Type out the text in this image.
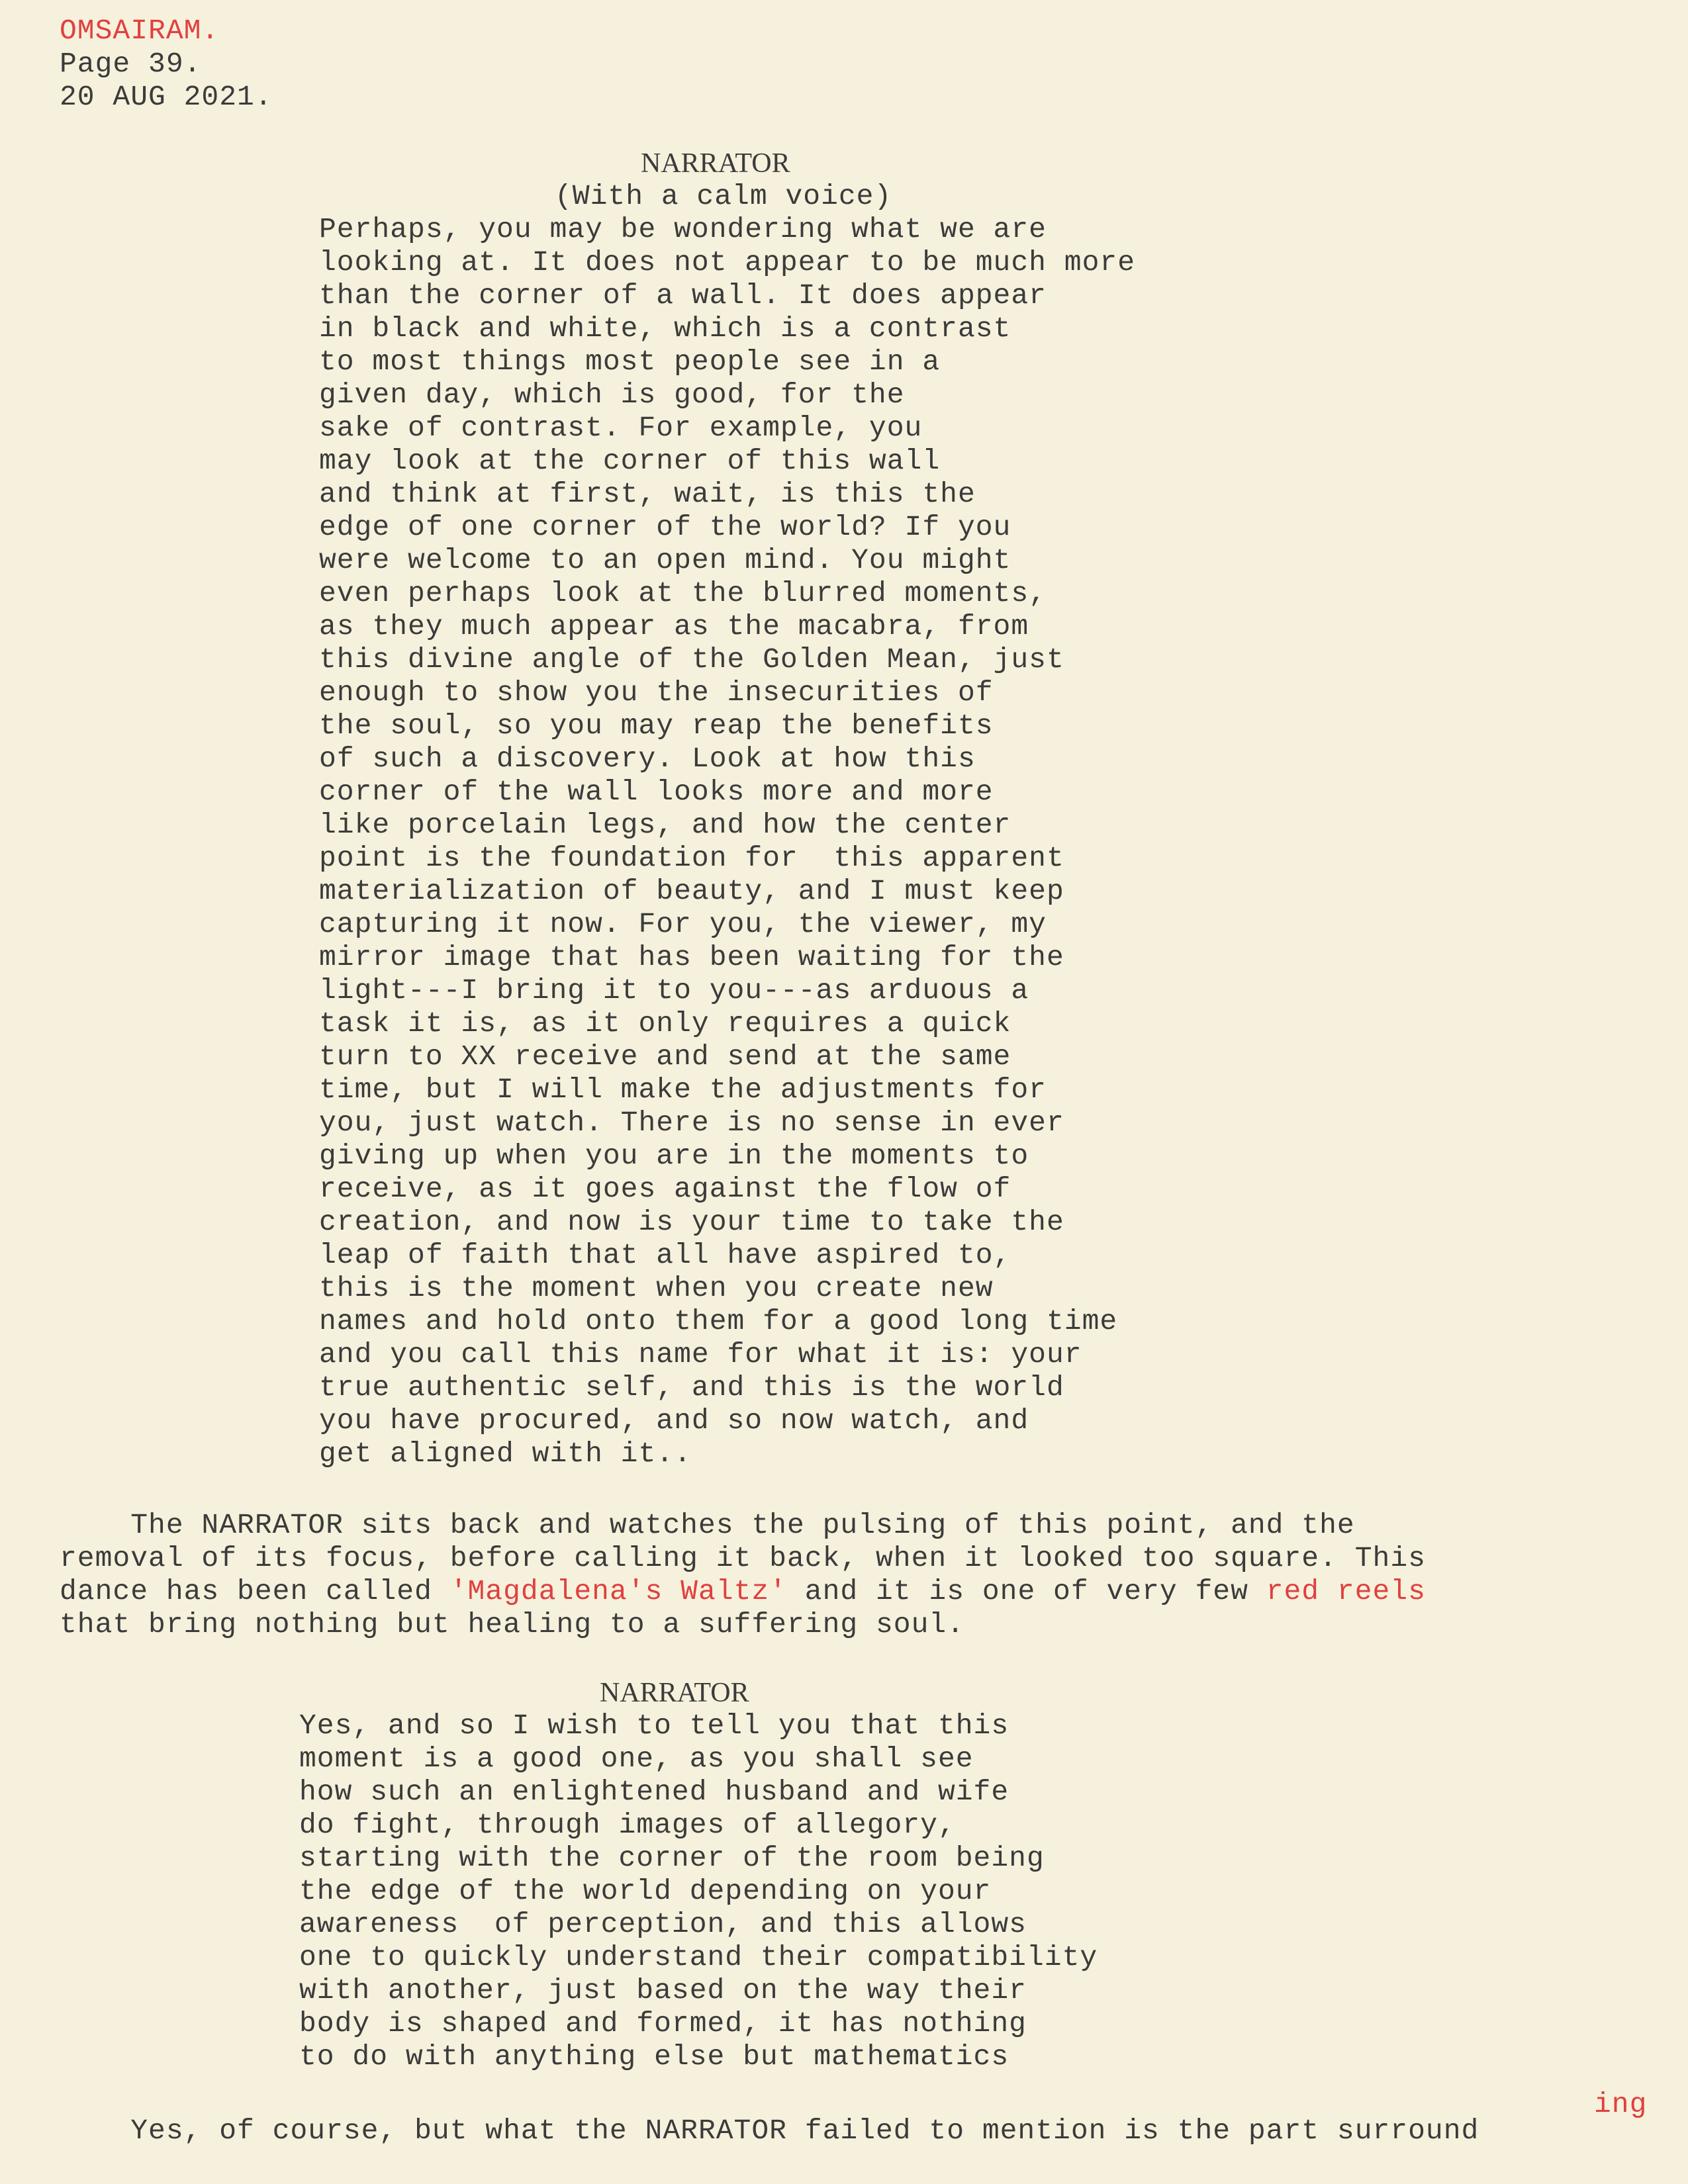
OMSAIRAM.
Page 39.
20 AUG 2021.
NARRATOR
(With a calm voice)
Perhaps, you may be wondering what we are
looking at. It does not appear to be much more
than the corner of a wall. It does appear
in black and white, which is a contrast
to most things most people see in a
given day, which is good, for the
sake of contrast. For example, you
may look at the corner of this wall
and think at first, wait, is this the
edge of one corner of the world? If you
were welcome to an open mind. You might
even perhaps look at the blurred moments,
as they much appear as the macabra, from
this divine angle of the Golden Mean, just
enough to show you the insecurities of
the soul, so you may reap the benefits
of such a discovery. Look at how this
corner of the wall looks more and more
like porcelain legs, and how the center
point is the foundation for  this apparent
materialization of beauty, and I must keep
capturing it now. For you, the viewer, my
mirror image that has been waiting for the
light---I bring it to you---as arduous a
task it is, as it only requires a quick
turn to XX receive and send at the same
time, but I will make the adjustments for
you, just watch. There is no sense in ever
giving up when you are in the moments to
receive, as it goes against the flow of
creation, and now is your time to take the
leap of faith that all have aspired to,
this is the moment when you create new
names and hold onto them for a good long time
and you call this name for what it is: your
true authentic self, and this is the world
you have procured, and so now watch, and
get aligned with it..
The NARRATOR sits back and watches the pulsing of this point, and the
removal of its focus, before calling it back, when it looked too square. This
dance has been called 'Magdalena's Waltz' and it is one of very few red reels
that bring nothing but healing to a suffering soul.
NARRATOR
Yes, and so I wish to tell you that this
moment is a good one, as you shall see
how such an enlightened husband and wife
do fight, through images of allegory,
starting with the corner of the room being
the edge of the world depending on your
awareness  of perception, and this allows
one to quickly understand their compatibility
with another, just based on the way their
body is shaped and formed, it has nothing
to do with anything else but mathematics
ing
Yes, of course, but what the NARRATOR failed to mention is the part surround
